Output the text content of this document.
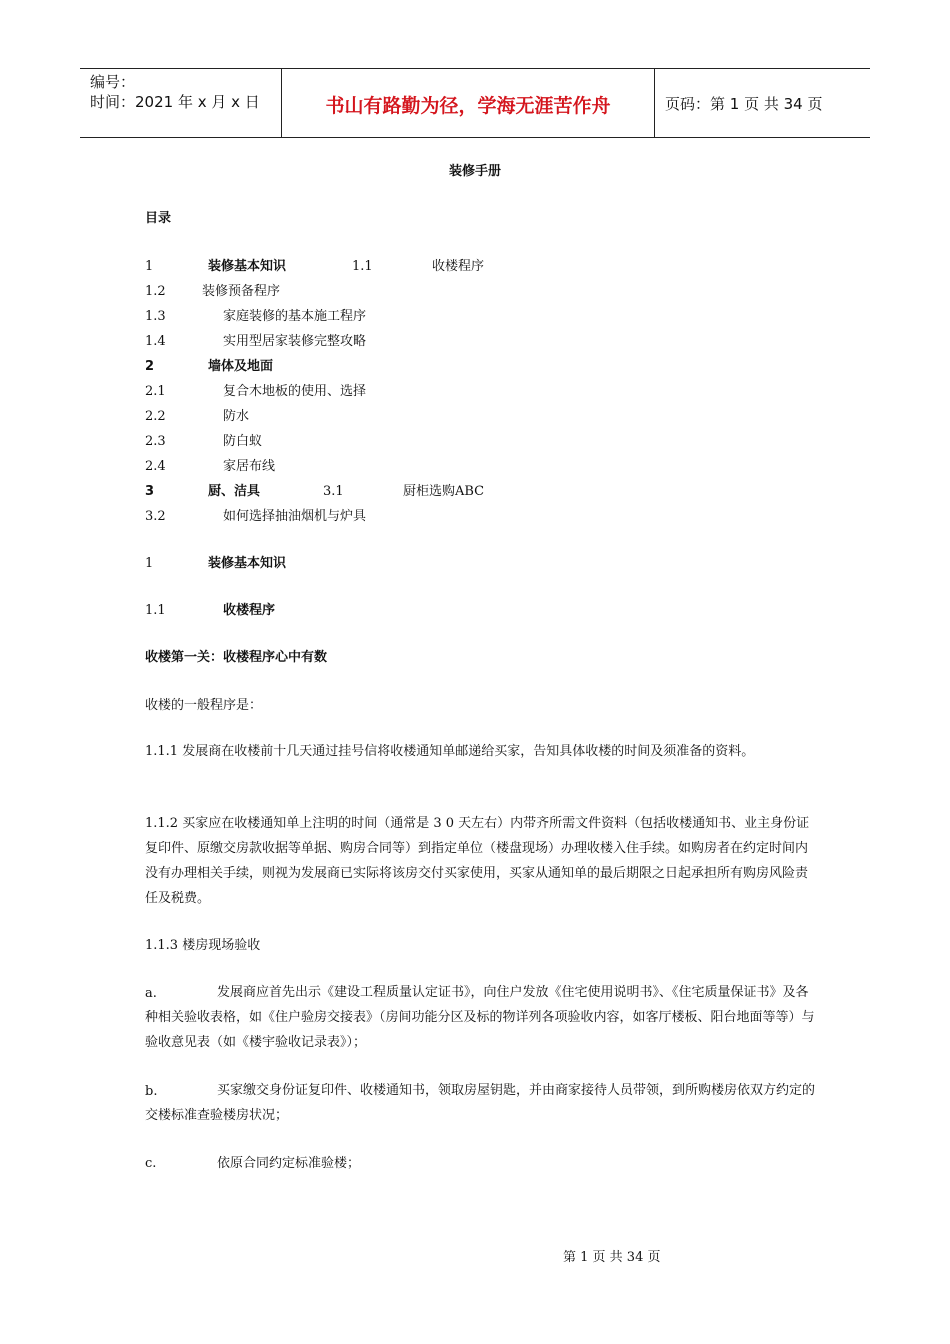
编号：
时间：2021 年 x 月 x 日	书山有路勤为径，学海无涯苦作舟	页码：第 1 页 共 34 页
装修手册
目录
1	装修基本知识	1.1	收楼程序
1.2	装修预备程序
1.3	家庭装修的基本施工程序
1.4	实用型居家装修完整攻略
2	墙体及地面
2.1	复合木地板的使用、选择
2.2	防水
2.3	防白蚁
2.4	家居布线
3	厨、洁具	3.1	厨柜选购ABC
3.2	如何选择抽油烟机与炉具
1	装修基本知识
1.1	收楼程序
收楼第一关：收楼程序心中有数
收楼的一般程序是：
1.1.1 发展商在收楼前十几天通过挂号信将收楼通知单邮递给买家，告知具体收楼的时间及须准备的资料。
1.1.2 买家应在收楼通知单上注明的时间（通常是 3 0 天左右）内带齐所需文件资料（包括收楼通知书、业主身份证复印件、原缴交房款收据等单据、购房合同等）到指定单位（楼盘现场）办理收楼入住手续。如购房者在约定时间内没有办理相关手续，则视为发展商已实际将该房交付买家使用，买家从通知单的最后期限之日起承担所有购房风险责任及税费。
1.1.3 楼房现场验收
a.	发展商应首先出示《建设工程质量认定证书》，向住户发放《住宅使用说明书》、《住宅质量保证书》及各种相关验收表格，如《住户验房交接表》（房间功能分区及标的物详列各项验收内容，如客厅楼板、阳台地面等等）与验收意见表（如《楼宇验收记录表》）；
b.	买家缴交身份证复印件、收楼通知书，领取房屋钥匙，并由商家接待人员带领，到所购楼房依双方约定的交楼标准查验楼房状况；
c.	依原合同约定标准验楼；
第 1 页 共 34 页
